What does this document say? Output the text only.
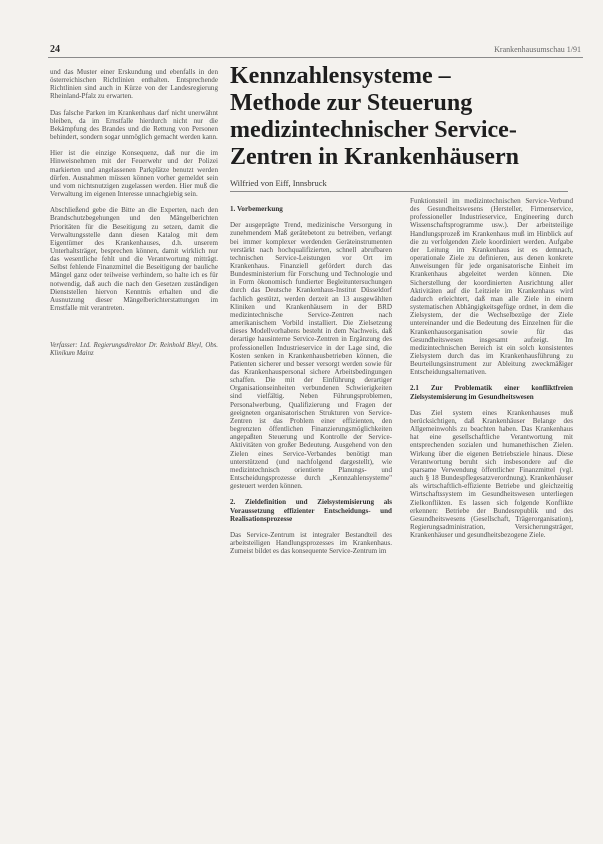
24	Krankenhausumschau 1/91

und das Muster einer Erskundung und ebenfalls in den österreichischen Richtlinien enthalten. Entsprechende Richtlinien sind auch in Kürze von der Landesregierung Rheinland-Pfalz zu erwarten.

Das falsche Parken im Krankenhaus darf nicht unerwähnt bleiben, da im Ernstfalle hierdurch nicht nur die Bekämpfung des Brandes und die Rettung von Personen behindert, sondern sogar unmöglich gemacht werden kann.

Hier ist die einzige Konsequenz, daß nur die im Hinweisnehmen mit der Feuerwehr und der Polizei markierten und angelassenen Parkplätze benutzt werden dürfen. Ausnahmen müssen können vorher gemeldet sein und vom nichtsnutzigen zugelassen werden. Hier muß die Verwaltung im eigenen Interesse unnachgiebig sein.

Abschließend gebe die Bitte an die Experten, nach den Brandschutzbegehungen und den Mängelberichten Prioritäten für die Beseitigung zu setzen, damit die Verwaltungsstelle dann diesen Katalog mit dem Eigentümer des Krankenhauses, d.h. unserem Unterhaltsträger, besprechen können, damit wirklich nur das wesentliche fehlt und die Verantwortung mitträgt. Selbst fehlende Finanzmittel die Beseitigung der bauliche Mängel ganz oder teilweise verhindern, so halte ich es für notwendig, daß auch die nach den Gesetzen zuständigen Dienststellen hiervon Kenntnis erhalten und die Ausnutzung dieser Mängelberichterstattungen im Ernstfalle mit verantreten.

Verfasser: Ltd. Regierungsdirektor Dr. Reinhold Bleyl, Obs. Klinikum Mainz

Kennzahlensysteme –
Methode zur Steuerung
medizintechnischer Service-
Zentren in Krankenhäusern
Wilfried von Eiff, Innsbruck
1. Vorbemerkung

Der ausgeprägte Trend, medizinische Versorgung in zunehmendem Maß gerätebetont zu betreiben, verlangt bei immer komplexer werdenden Geräteinstrumenten verstärkt nach hochqualifizierten, schnell abrufbaren technischen Service-Leistungen vor Ort im Krankenhaus. Finanziell gefördert durch das Bundesministerium für Forschung und Technologie und in Form ökonomisch fundierter Begleituntersuchungen durch das Deutsche Krankenhaus-Institut Düsseldorf fachlich gestützt, werden derzeit an 13 ausgewählten Kliniken und Krankenhäusern in der BRD medizintechnische Service-Zentren nach amerikanischem Vorbild installiert. Die Zielsetzung dieses Modellvorhabens besteht in dem Nachweis, daß derartige hausinterne Service-Zentren in Ergänzung des professionellen Industrieservice in der Lage sind, die Kosten senken in Krankenhausbetrieben können, die Patienten sicherer und besser versorgt werden sowie für das Krankenhauspersonal sichere Arbeitsbedingungen schaffen. Die mit der Einführung derartiger Organisationseinheiten verbundenen Schwierigkeiten sind vielfältig. Neben Führungsproblemen, Personalwerbung, Qualifizierung und Fragen der geeigneten organisatorischen Strukturen von Service-Zentren ist das Problem einer effizienten, den begrenzten öffentlichen Finanzierungsmöglichkeiten angepaßten Steuerung und Kontrolle der Service-Aktivitäten von großer Bedeutung. Ausgehend von den Zielen eines Service-Verbandes benötigt man unterstützend (und nachfolgend dargestellt), wie medizintechnisch orientierte Planungs- und Entscheidungsprozesse durch „Kennzahlensysteme" gesteuert werden können.

2. Zieldefinition und Zielsystemisierung als Voraussetzung effizienter Entscheidungs- und Realisationsprozesse

Das Service-Zentrum ist integraler Bestandteil des arbeitsteiligen Handlungsprozesses im Krankenhaus. Zumeist bildet es das konsequente Service-Zentrum im

Funktionsteil im medizintechnischen Service-Verbund des Gesundheitswesens (Hersteller, Firmenservice, professioneller Industrieservice, Engineering durch Wissenschaftsprogramme usw.). Der arbeitsteilige Handlungsprozeß im Krankenhaus muß im Hinblick auf die zu verfolgenden Ziele koordiniert werden. Aufgabe der Leitung im Krankenhaus ist es demnach, operationale Ziele zu definieren, aus denen konkrete Anweisungen für jede organisatorische Einheit im Krankenhaus abgeleitet werden können. Die Sicherstellung der koordinierten Ausrichtung aller Aktivitäten auf die Leitziele im Krankenhaus wird dadurch erleichtert, daß man alle Ziele in einem systematischen Abhängigkeitsgefüge ordnet, in dem die Zielsystem, der die Wechselbezüge der Ziele untereinander und die Bedeutung des Einzelnen für die Krankenhausorganisation sowie für das Gesundheitswesen insgesamt aufzeigt. Im medizintechnischen Bereich ist ein solch konsistentes Zielsystem durch das im Krankenhausführung zu Beurteilungsinstrument zur Ableitung zweckmäßiger Entscheidungsalternativen.

2.1 Zur Problematik einer konfliktfreien Zielsystemisierung im Gesundheitswesen

Das Ziel system eines Krankenhauses muß berücksichtigen, daß Krankenhäuser Belange des Allgemeinwohls zu beachten haben. Das Krankenhaus hat eine gesellschaftliche Verantwortung mit entsprechenden sozialen und humanethischen Zielen. Wirkung über die eigenen Betriebsziele hinaus. Diese Verantwortung beruht sich insbesondere auf die sparsame Verwendung öffentlicher Finanzmittel (vgl. auch § 18 Bundespflegesatzverordnung). Krankenhäuser als wirtschaftlich-effiziente Betriebe und gleichzeitig Wirtschaftssystem im Gesundheitswesen unterliegen Zielkonflikten. Es lassen sich folgende Konflikte erkennen: Betriebe der Bundesrepublik und des Gesundheitswesens (Gesellschaft, Trägerorganisation), Regierungsadministration, Versicherungsträger, Krankenhäuser und gesundheitsbezogene Ziele.
